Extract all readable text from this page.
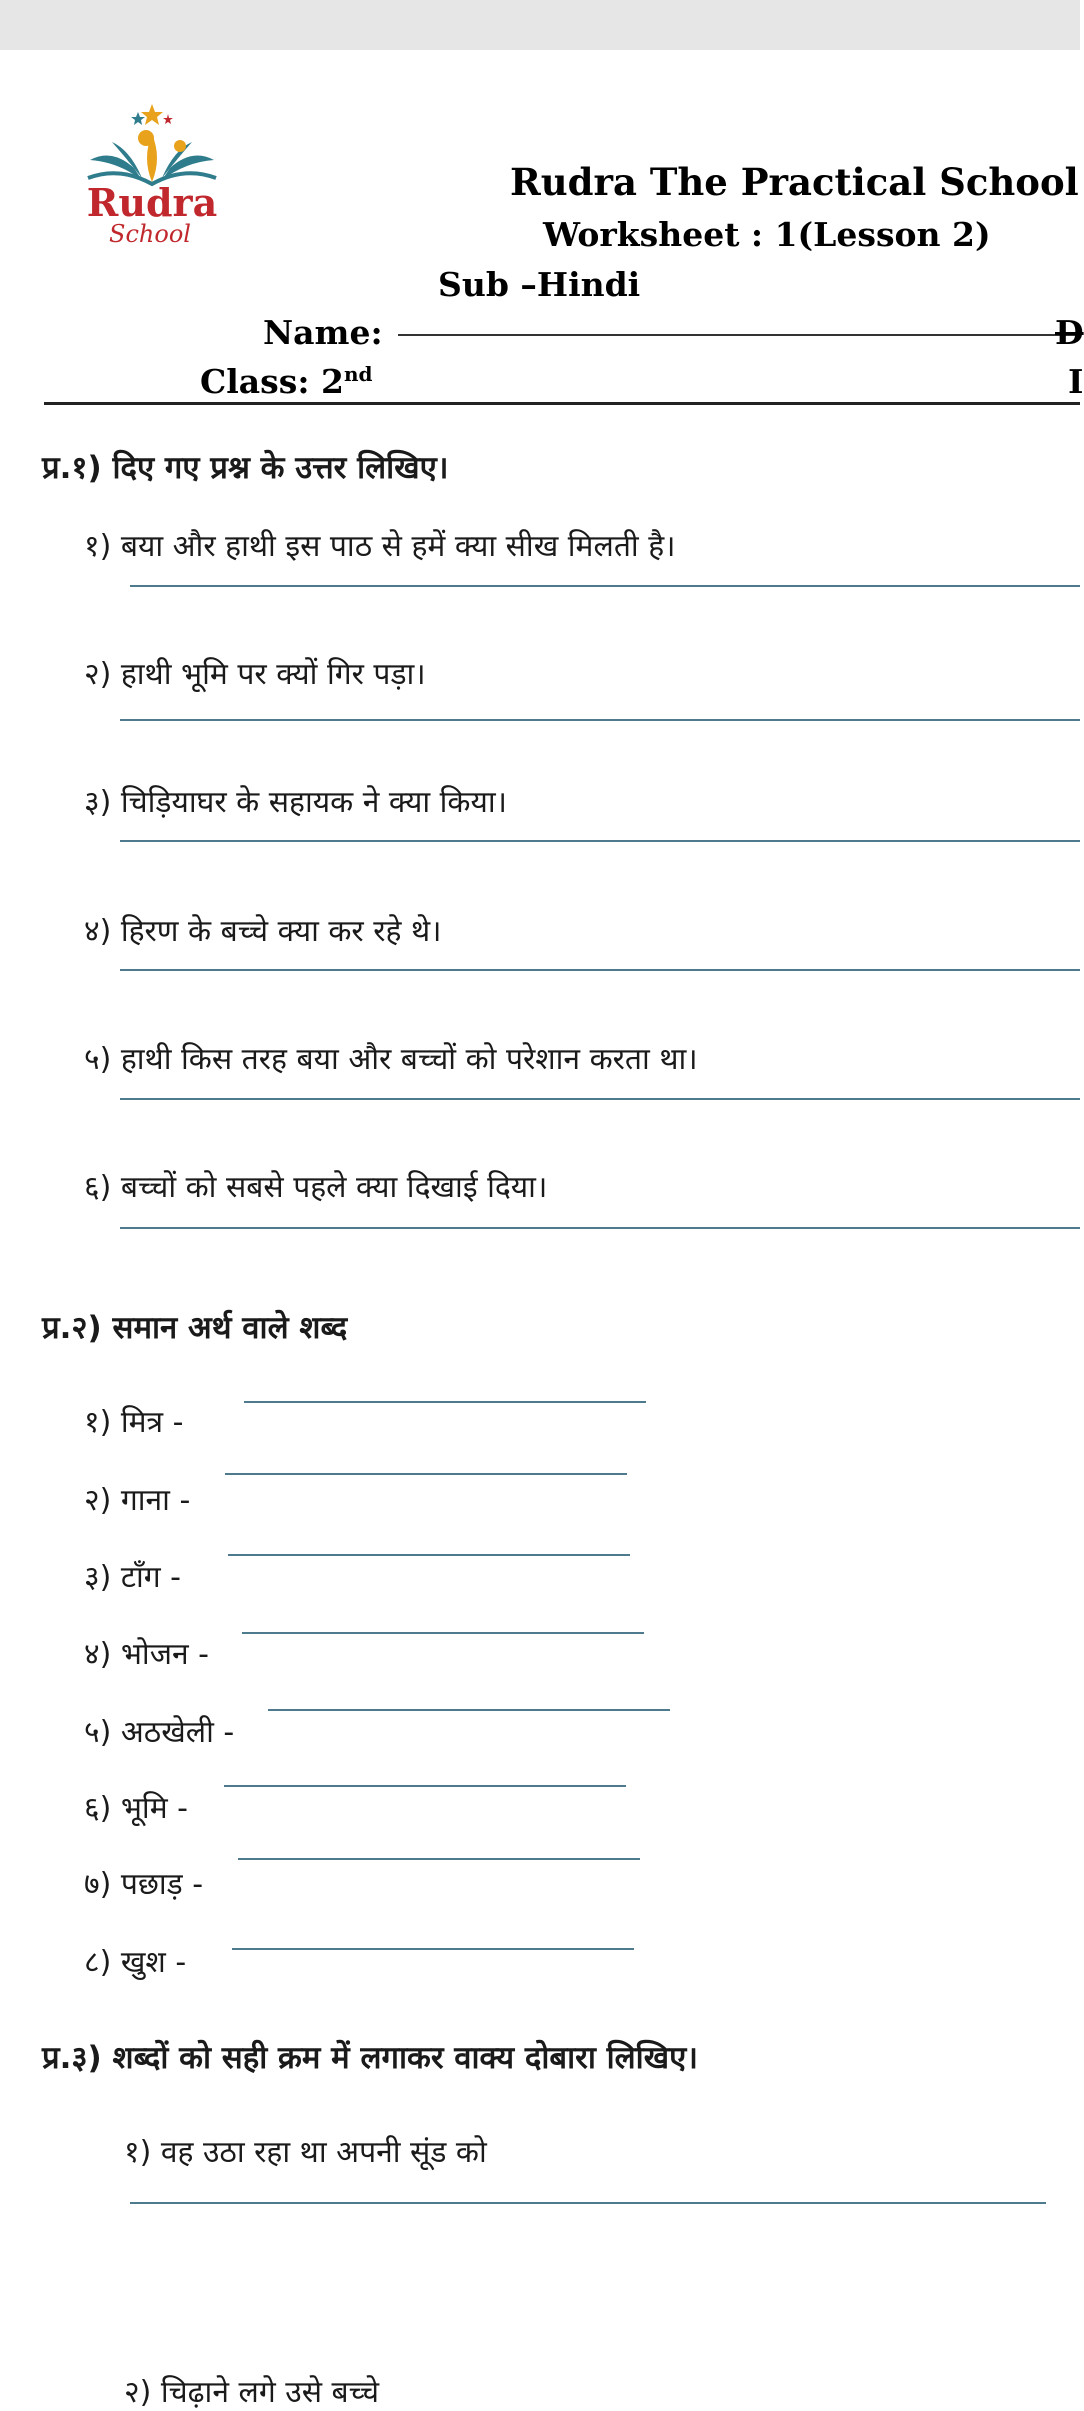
Rudra
School
Rudra The Practical School
Worksheet : 1(Lesson 2)
Sub –Hindi
Name:	D
Class: 2nd	I
प्र.१) दिए गए प्रश्न के उत्तर लिखिए।
१) बया और हाथी इस पाठ से हमें क्या सीख मिलती है।
२) हाथी भूमि पर क्यों गिर पड़ा।
३) चिड़ियाघर के सहायक ने क्या किया।
४) हिरण के बच्चे क्या कर रहे थे।
५) हाथी किस तरह बया और बच्चों को परेशान करता था।
६) बच्चों को सबसे पहले क्या दिखाई दिया।
प्र.२) समान अर्थ वाले शब्द
१) मित्र -
२) गाना -
३) टाँग -
४) भोजन -
५) अठखेली -
६) भूमि -
७) पछाड़ -
८) खुश -
प्र.३) शब्दों को सही क्रम में लगाकर वाक्य दोबारा लिखिए।
१) वह उठा रहा था अपनी सूंड को
२) चिढ़ाने लगे उसे बच्चे
